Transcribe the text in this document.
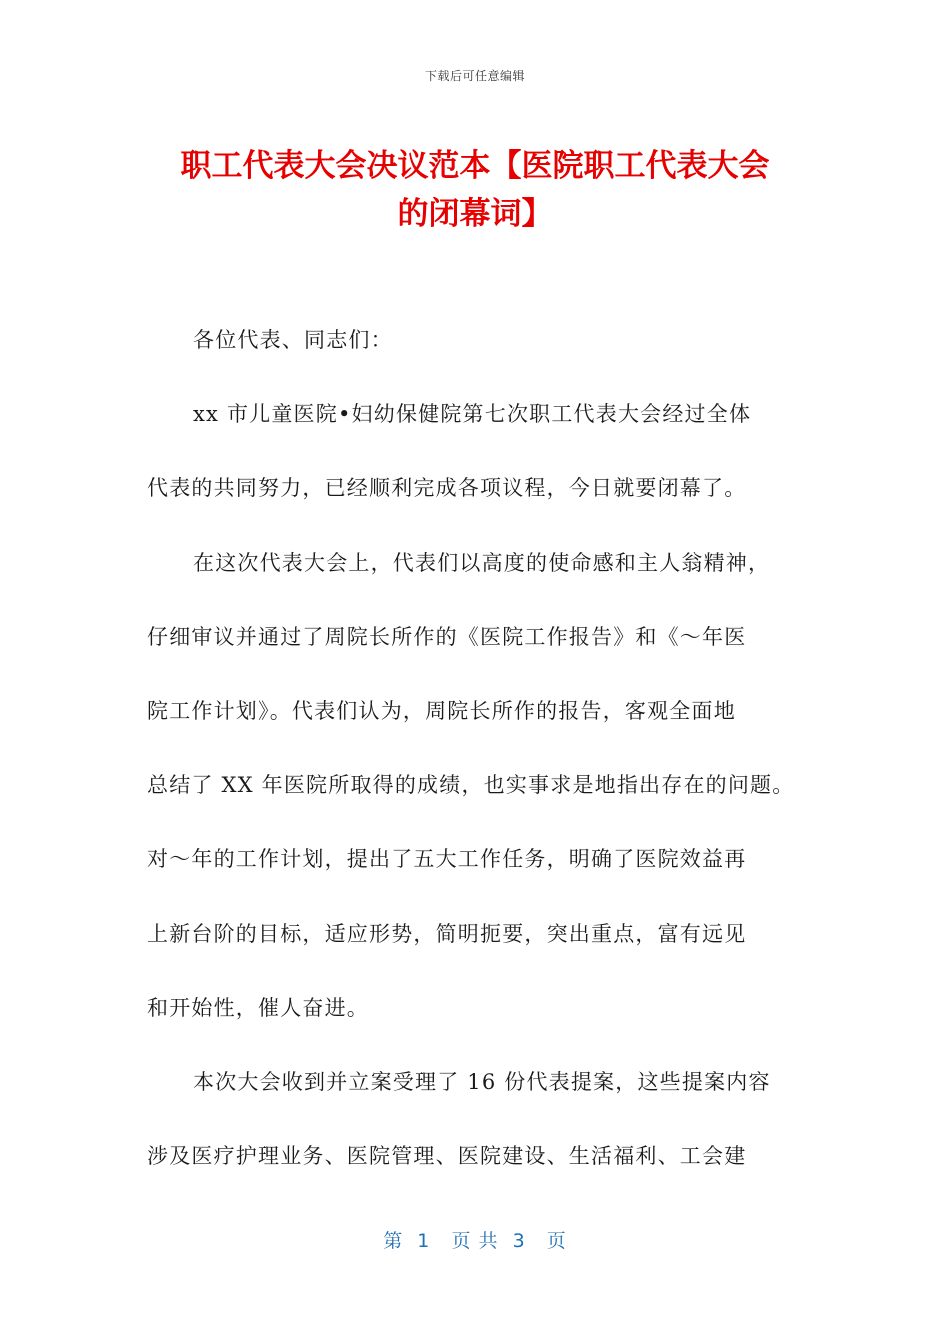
下载后可任意编辑
职工代表大会决议范本【医院职工代表大会
的闭幕词】
各位代表、同志们：
xx 市儿童医院•妇幼保健院第七次职工代表大会经过全体
代表的共同努力，已经顺利完成各项议程，今日就要闭幕了。
在这次代表大会上，代表们以高度的使命感和主人翁精神，
仔细审议并通过了周院长所作的《医院工作报告》和《～年医
院工作计划》。代表们认为，周院长所作的报告，客观全面地
总结了 XX 年医院所取得的成绩，也实事求是地指出存在的问题。
对～年的工作计划，提出了五大工作任务，明确了医院效益再
上新台阶的目标，适应形势，简明扼要，突出重点，富有远见
和开始性，催人奋进。
本次大会收到并立案受理了 16 份代表提案，这些提案内容
涉及医疗护理业务、医院管理、医院建设、生活福利、工会建
第  1   页 共  3   页
